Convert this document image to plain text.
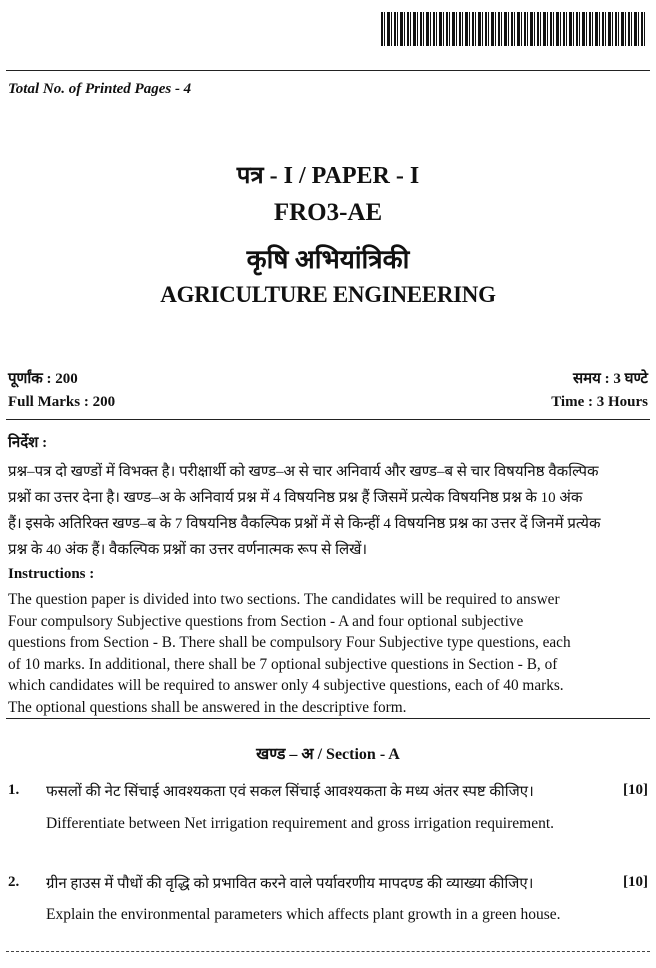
Total No. of Printed Pages - 4
पत्र - I / PAPER - I
FRO3-AE
कृषि अभियांत्रिकी
AGRICULTURE ENGINEERING
पूर्णांक : 200	समय : 3 घण्टे
Full Marks : 200	Time : 3 Hours
निर्देश :
प्रश्न–पत्र दो खण्डों में विभक्त है। परीक्षार्थी को खण्ड–अ से चार अनिवार्य और खण्ड–ब से चार विषयनिष्ठ वैकल्पिक
प्रश्नों का उत्तर देना है। खण्ड–अ के अनिवार्य प्रश्न में 4 विषयनिष्ठ प्रश्न हैं जिसमें प्रत्येक विषयनिष्ठ प्रश्न के 10 अंक
हैं। इसके अतिरिक्त खण्ड–ब के 7 विषयनिष्ठ वैकल्पिक प्रश्नों में से किन्हीं 4 विषयनिष्ठ प्रश्न का उत्तर दें जिनमें प्रत्येक
प्रश्न के 40 अंक हैं। वैकल्पिक प्रश्नों का उत्तर वर्णनात्मक रूप से लिखें।
Instructions :
The question paper is divided into two sections. The candidates will be required to answer
Four compulsory Subjective questions from Section - A and four optional subjective
questions from Section - B. There shall be compulsory Four Subjective type questions, each
of 10 marks. In additional, there shall be 7 optional subjective questions in Section - B, of
which candidates will be required to answer only 4 subjective questions, each of 40 marks.
The optional questions shall be answered in the descriptive form.
खण्ड – अ / Section - A
1. फसलों की नेट सिंचाई आवश्यकता एवं सकल सिंचाई आवश्यकता के मध्य अंतर स्पष्ट कीजिए।	[10]
Differentiate between Net irrigation requirement and gross irrigation requirement.
2. ग्रीन हाउस में पौधों की वृद्धि को प्रभावित करने वाले पर्यावरणीय मापदण्ड की व्याख्या कीजिए।	[10]
Explain the environmental parameters which affects plant growth in a green house.
